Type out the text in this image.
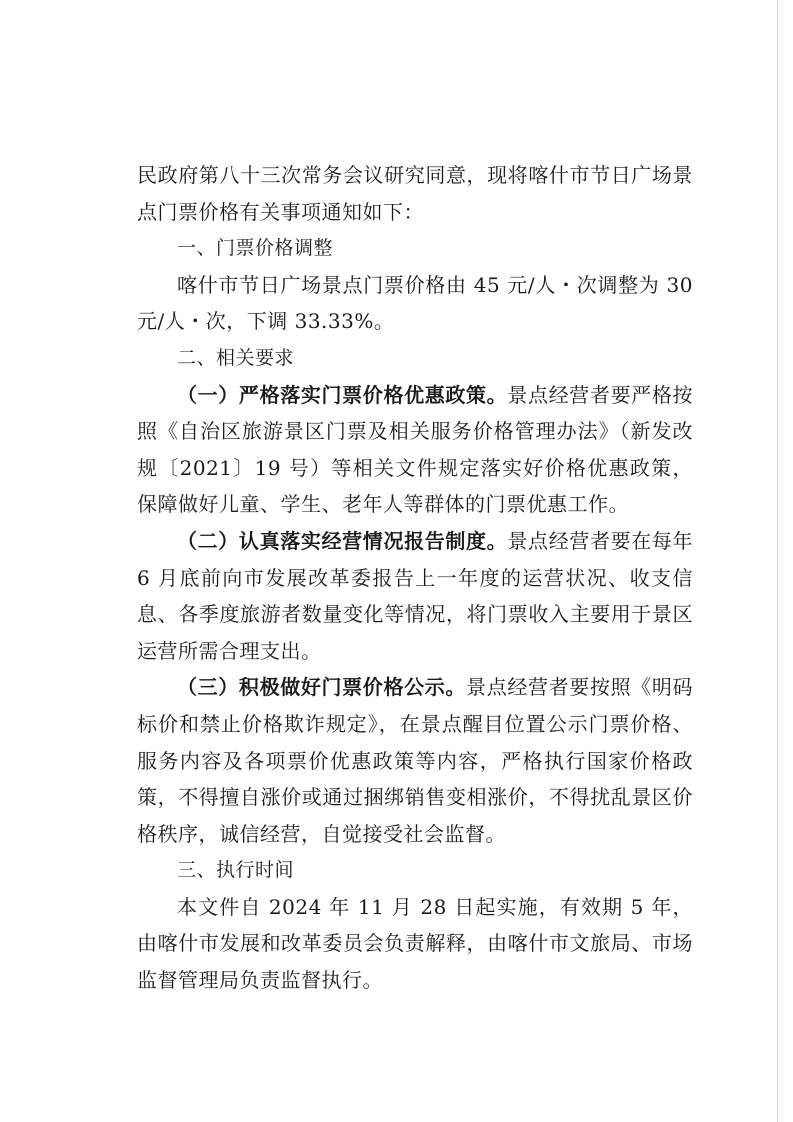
民政府第八十三次常务会议研究同意，现将喀什市节日广场景点门票价格有关事项通知如下：

一、门票价格调整

喀什市节日广场景点门票价格由 45 元/人・次调整为 30 元/人・次，下调 33.33%。

二、相关要求

（一）严格落实门票价格优惠政策。景点经营者要严格按照《自治区旅游景区门票及相关服务价格管理办法》（新发改规〔2021〕19 号）等相关文件规定落实好价格优惠政策，保障做好儿童、学生、老年人等群体的门票优惠工作。

（二）认真落实经营情况报告制度。景点经营者要在每年 6 月底前向市发展改革委报告上一年度的运营状况、收支信息、各季度旅游者数量变化等情况，将门票收入主要用于景区运营所需合理支出。

（三）积极做好门票价格公示。景点经营者要按照《明码标价和禁止价格欺诈规定》，在景点醒目位置公示门票价格、服务内容及各项票价优惠政策等内容，严格执行国家价格政策，不得擅自涨价或通过捆绑销售变相涨价，不得扰乱景区价格秩序，诚信经营，自觉接受社会监督。

三、执行时间

本文件自 2024 年 11 月 28 日起实施，有效期 5 年，由喀什市发展和改革委员会负责解释，由喀什市文旅局、市场监督管理局负责监督执行。
